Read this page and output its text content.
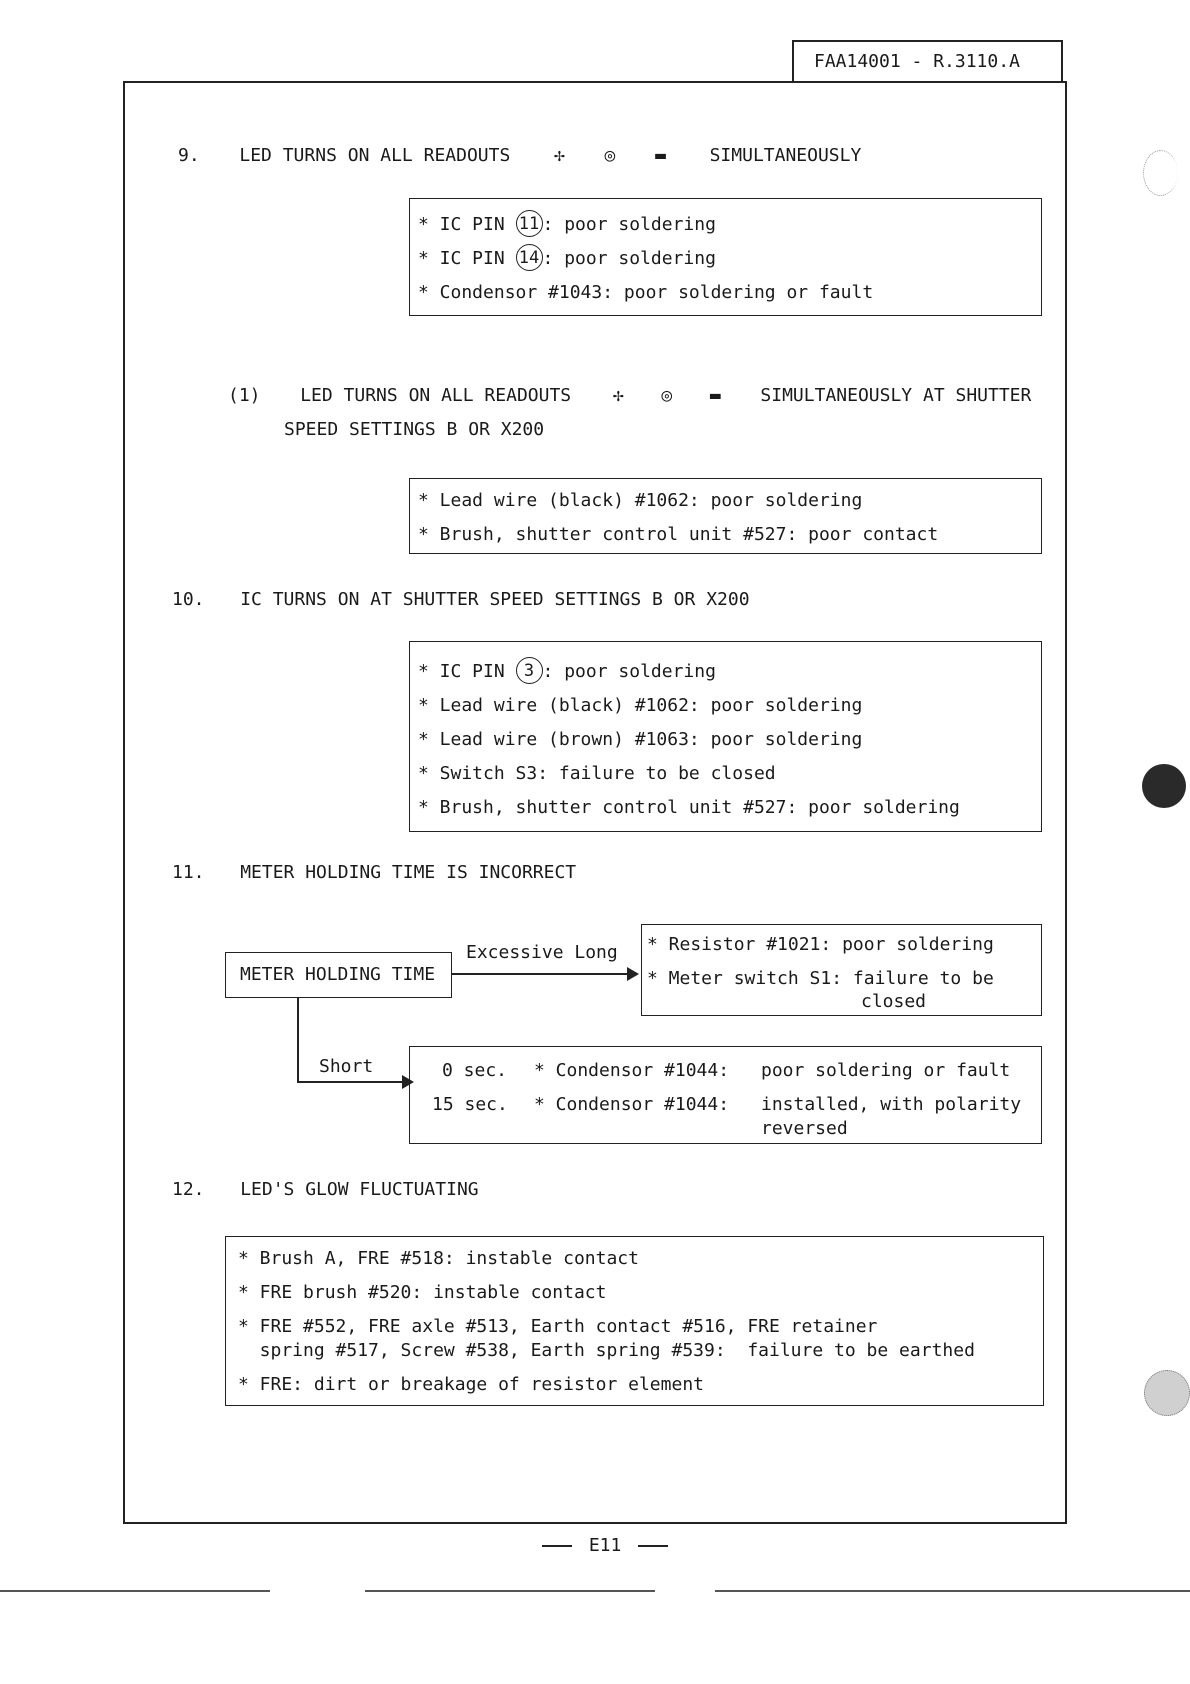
FAA14001 - R.3110.A
9. LED TURNS ON ALL READOUTS ✢ ◎ ▬ SIMULTANEOUSLY
* IC PIN 11 : poor soldering
* IC PIN 14 : poor soldering
* Condensor #1043: poor soldering or fault
(1) LED TURNS ON ALL READOUTS ✢ ◎ ▬ SIMULTANEOUSLY AT SHUTTER
SPEED SETTINGS B OR X200
* Lead wire (black) #1062: poor soldering
* Brush, shutter control unit #527: poor contact
10. IC TURNS ON AT SHUTTER SPEED SETTINGS B OR X200
* IC PIN 3 : poor soldering
* Lead wire (black) #1062: poor soldering
* Lead wire (brown) #1063: poor soldering
* Switch S3: failure to be closed
* Brush, shutter control unit #527: poor soldering
11. METER HOLDING TIME IS INCORRECT
METER HOLDING TIME
Excessive Long * Resistor #1021: poor soldering
* Meter switch S1: failure to be
closed
Short	0 sec. * Condensor #1044: poor soldering or fault
15 sec. * Condensor #1044: installed, with polarity
reversed
12. LED'S GLOW FLUCTUATING
* Brush A, FRE #518: instable contact
* FRE brush #520: instable contact
* FRE #552, FRE axle #513, Earth contact #516, FRE retainer
spring #517, Screw #538, Earth spring #539:  failure to be earthed
* FRE: dirt or breakage of resistor element
E11
